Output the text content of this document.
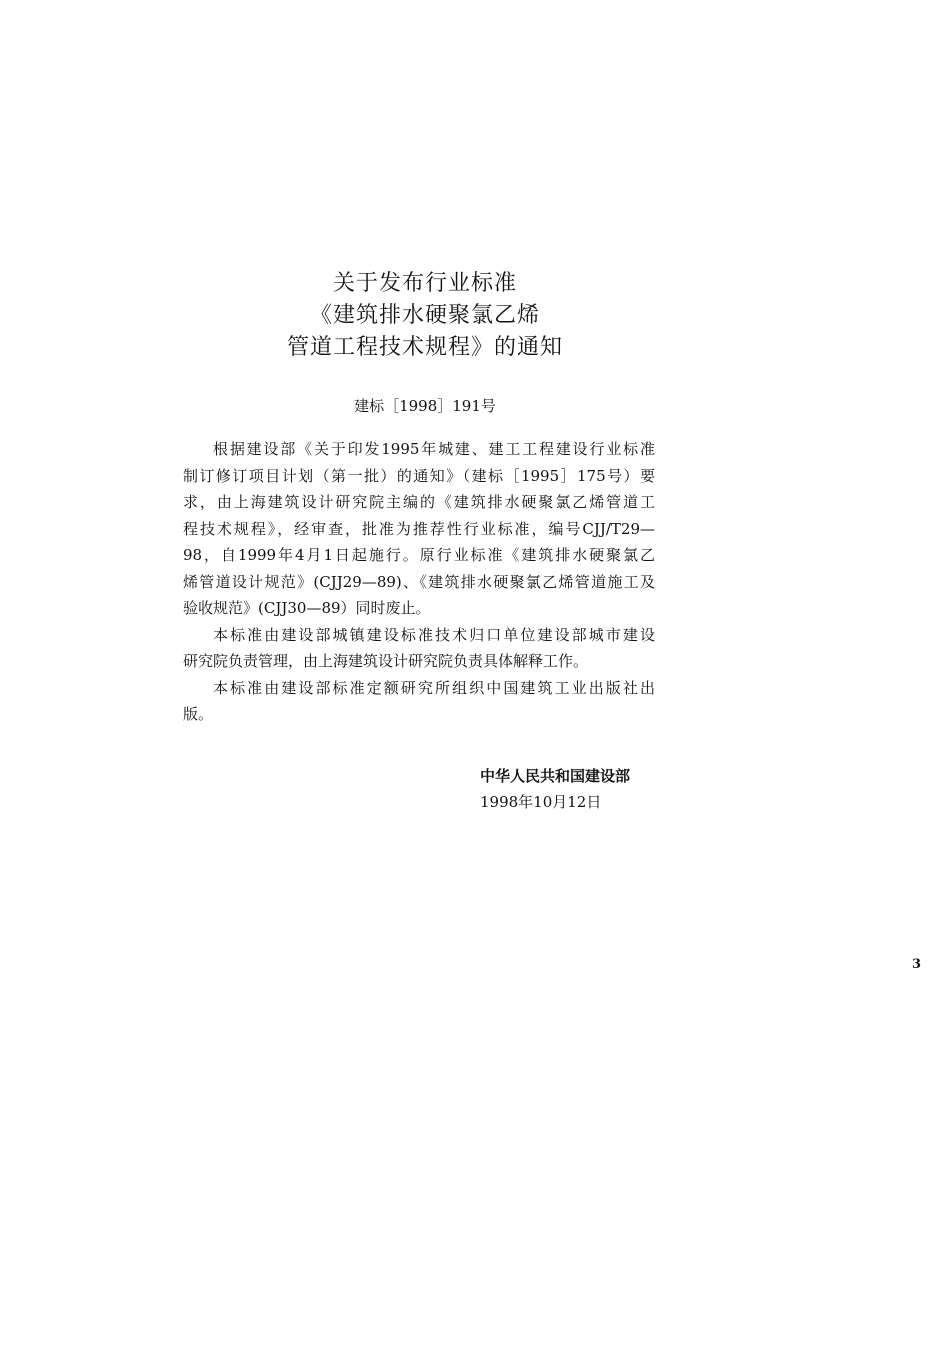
关于发布行业标准
《建筑排水硬聚氯乙烯
管道工程技术规程》的通知
建标［1998］191号
根据建设部《关于印发1995年城建、建工工程建设行业标准
制订修订项目计划（第一批）的通知》（建标［1995］175号）要
求，由上海建筑设计研究院主编的《建筑排水硬聚氯乙烯管道工
程技术规程》，经审查，批准为推荐性行业标准，编号CJJ/T29—
98，自1999年4月1日起施行。原行业标准《建筑排水硬聚氯乙
烯管道设计规范》(CJJ29—89)、《建筑排水硬聚氯乙烯管道施工及
验收规范》(CJJ30—89）同时废止。
本标准由建设部城镇建设标准技术归口单位建设部城市建设
研究院负责管理，由上海建筑设计研究院负责具体解释工作。
本标准由建设部标准定额研究所组织中国建筑工业出版社出
版。
中华人民共和国建设部
1998年10月12日
3
